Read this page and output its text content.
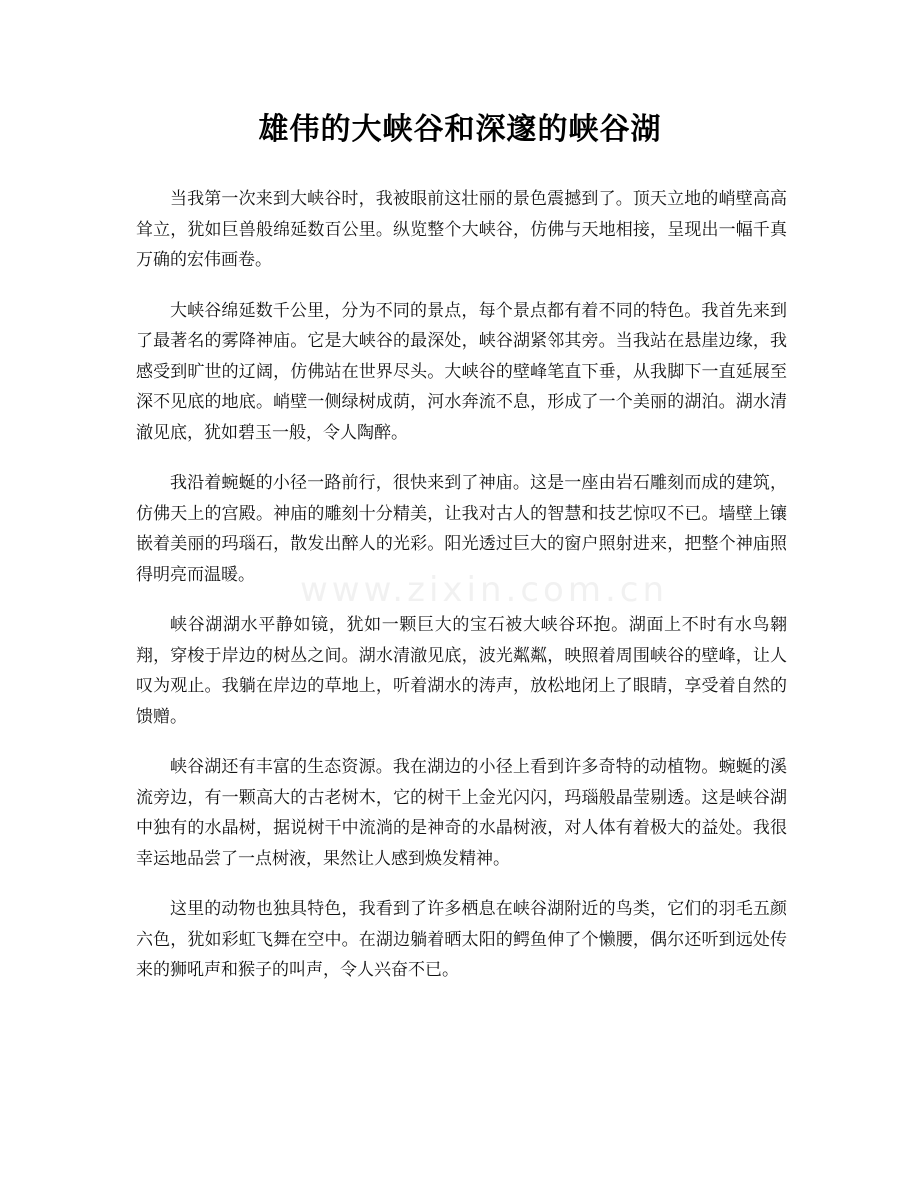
雄伟的大峡谷和深邃的峡谷湖

当我第一次来到大峡谷时，我被眼前这壮丽的景色震撼到了。顶天立地的峭壁高高耸立，犹如巨兽般绵延数百公里。纵览整个大峡谷，仿佛与天地相接，呈现出一幅千真万确的宏伟画卷。

大峡谷绵延数千公里，分为不同的景点，每个景点都有着不同的特色。我首先来到了最著名的雾降神庙。它是大峡谷的最深处，峡谷湖紧邻其旁。当我站在悬崖边缘，我感受到旷世的辽阔，仿佛站在世界尽头。大峡谷的壁峰笔直下垂，从我脚下一直延展至深不见底的地底。峭壁一侧绿树成荫，河水奔流不息，形成了一个美丽的湖泊。湖水清澈见底，犹如碧玉一般，令人陶醉。

我沿着蜿蜒的小径一路前行，很快来到了神庙。这是一座由岩石雕刻而成的建筑，仿佛天上的宫殿。神庙的雕刻十分精美，让我对古人的智慧和技艺惊叹不已。墙壁上镶嵌着美丽的玛瑙石，散发出醉人的光彩。阳光透过巨大的窗户照射进来，把整个神庙照得明亮而温暖。

峡谷湖湖水平静如镜，犹如一颗巨大的宝石被大峡谷环抱。湖面上不时有水鸟翱翔，穿梭于岸边的树丛之间。湖水清澈见底，波光粼粼，映照着周围峡谷的壁峰，让人叹为观止。我躺在岸边的草地上，听着湖水的涛声，放松地闭上了眼睛，享受着自然的馈赠。

峡谷湖还有丰富的生态资源。我在湖边的小径上看到许多奇特的动植物。蜿蜒的溪流旁边，有一颗高大的古老树木，它的树干上金光闪闪，玛瑙般晶莹剔透。这是峡谷湖中独有的水晶树，据说树干中流淌的是神奇的水晶树液，对人体有着极大的益处。我很幸运地品尝了一点树液，果然让人感到焕发精神。

这里的动物也独具特色，我看到了许多栖息在峡谷湖附近的鸟类，它们的羽毛五颜六色，犹如彩虹飞舞在空中。在湖边躺着晒太阳的鳄鱼伸了个懒腰，偶尔还听到远处传来的狮吼声和猴子的叫声，令人兴奋不已。

www.zixin.com.cn
